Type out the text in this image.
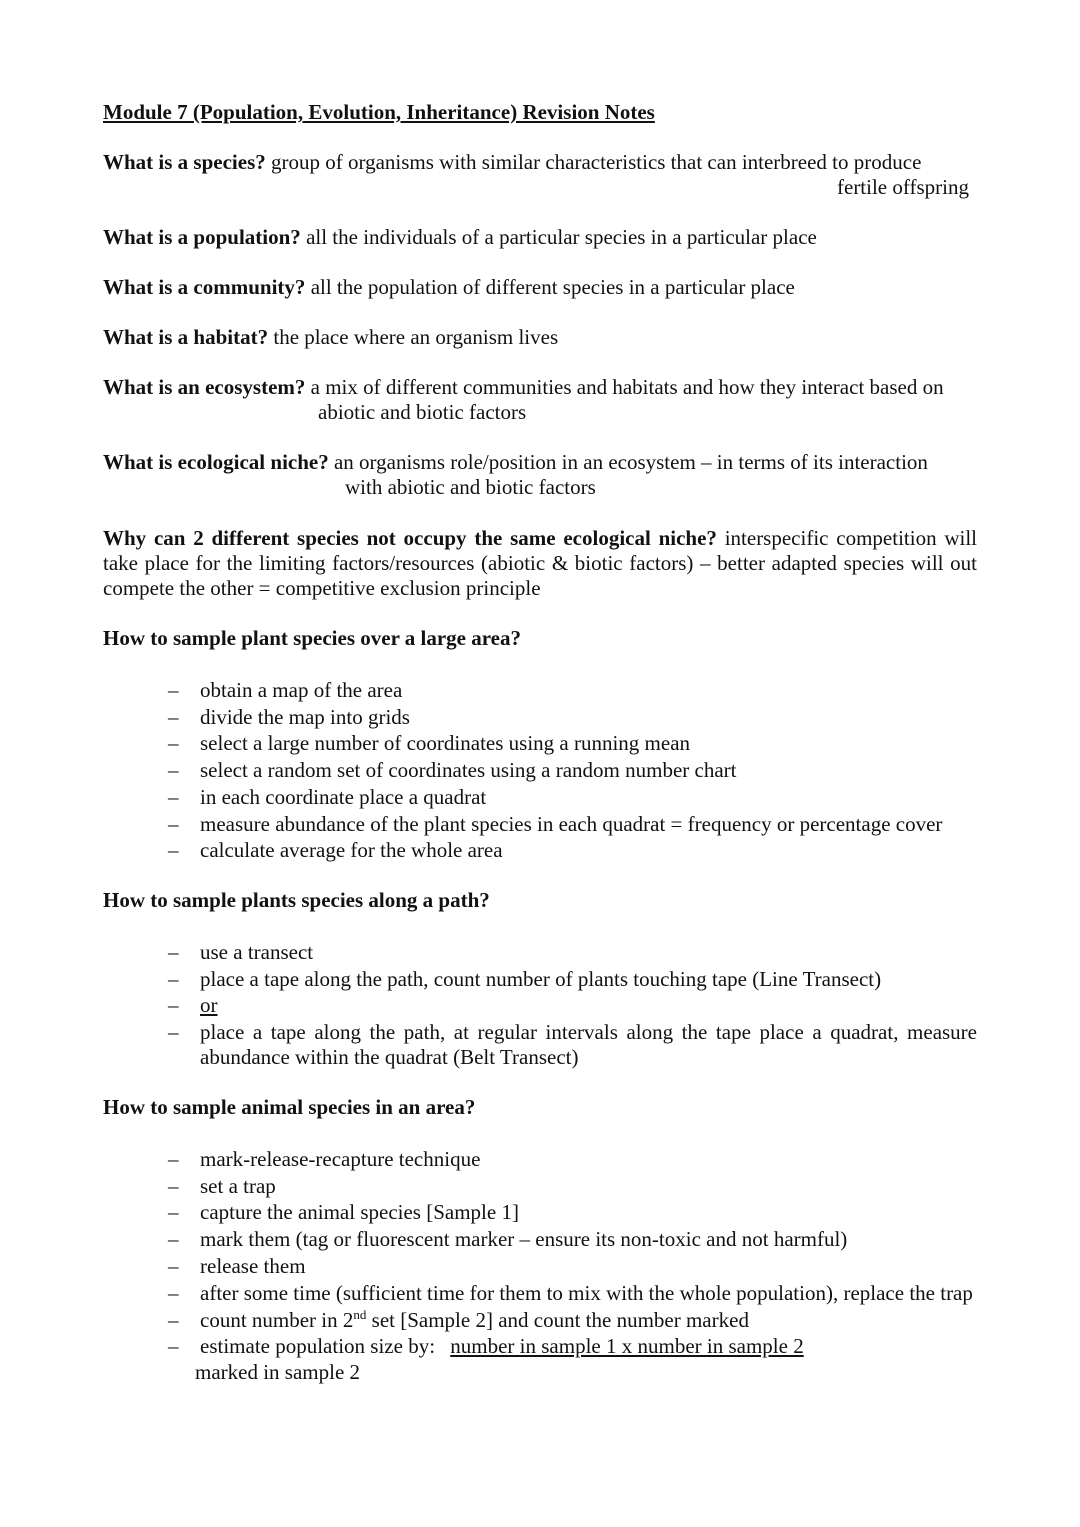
Module 7 (Population, Evolution, Inheritance) Revision Notes

What is a species? group of organisms with similar characteristics that can interbreed to produce
fertile offspring
What is a population? all the individuals of a particular species in a particular place
What is a community? all the population of different species in a particular place
What is a habitat? the place where an organism lives
What is an ecosystem? a mix of different communities and habitats and how they interact based on
abiotic and biotic factors
What is ecological niche? an organisms role/position in an ecosystem – in terms of its interaction
with abiotic and biotic factors
Why can 2 different species not occupy the same ecological niche? interspecific competition will take place for the limiting factors/resources (abiotic & biotic factors) – better adapted species will out compete the other = competitive exclusion principle
How to sample plant species over a large area?
– obtain a map of the area
– divide the map into grids
– select a large number of coordinates using a running mean
– select a random set of coordinates using a random number chart
– in each coordinate place a quadrat
– measure abundance of the plant species in each quadrat = frequency or percentage cover
– calculate average for the whole area
How to sample plants species along a path?
– use a transect
– place a tape along the path, count number of plants touching tape (Line Transect)
– or
– place a tape along the path, at regular intervals along the tape place a quadrat, measure abundance within the quadrat (Belt Transect)
How to sample animal species in an area?
– mark-release-recapture technique
– set a trap
– capture the animal species [Sample 1]
– mark them (tag or fluorescent marker – ensure its non-toxic and not harmful)
– release them
– after some time (sufficient time for them to mix with the whole population), replace the trap
– count number in 2nd set [Sample 2] and count the number marked
– estimate population size by: number in sample 1 x number in sample 2
marked in sample 2
